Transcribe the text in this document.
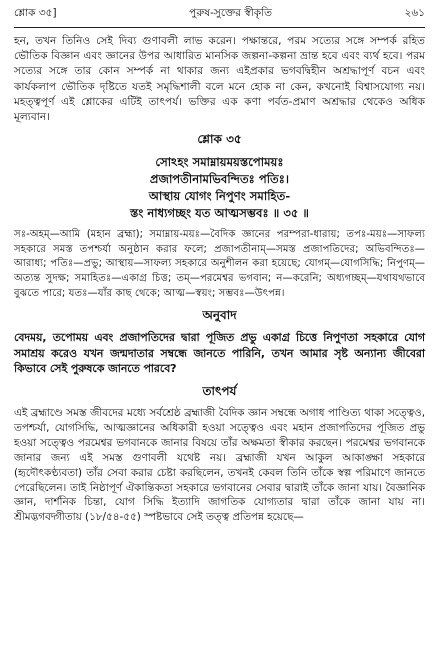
শ্লোক ৩৫]	পুরুষ-সুক্তের স্বীকৃতি	২৬১

হন, তখন তিনিও সেই দিব্য গুণাবলী লাভ করেন। পক্ষান্তরে, পরম সত্যের সঙ্গে সম্পর্ক রহিত ভৌতিক বিজ্ঞান এবং জ্ঞানের উপর আধারিত মানসিক জল্পনা-কল্পনা ভ্রান্ত হবে এবং ব্যর্থ হবে। পরম সত্যের সঙ্গে তার কোন সম্পর্ক না থাকার জন্য এইপ্রকার ভগবদ্বিহীন অশ্রদ্ধাপূর্ণ বচন এবং কার্যকলাপ ভৌতিক দৃষ্টিতে যতই সমৃদ্ধিশালী বলে মনে হোক না কেন, কখনোই বিশ্বাসযোগ্য নয়। মহত্ত্বপূর্ণ এই শ্লোকের এটিই তাৎপর্য। ভক্তির এক কণা পর্বত-প্রমাণ অশ্রদ্ধার থেকেও অধিক মূল্যবান।

শ্লোক ৩৫
সোঽহং সমাম্নায়ময়স্তপোময়ঃ
প্রজাপতীনামভিবন্দিতঃ পতিঃ।
আস্থায় যোগং নিপুণং সমাহিত-
স্তং নাধ্যগচ্ছং যত আত্মসম্ভবঃ ॥ ৩৫ ॥

সঃ-অহম্—আমি (মহান ব্রহ্মা); সমাম্নায়-ময়ঃ—বৈদিক জ্ঞানের পরম্পরা-ধারায়; তপঃ-ময়ঃ—সাফল্য সহকারে সমস্ত তপশ্চর্যা অনুষ্ঠান করার ফলে; প্রজাপতীনাম্—সমস্ত প্রজাপতিদের; অভিবন্দিতঃ—আরাধ্য; পতিঃ—প্রভু; আস্থায়—সাফল্য সহকারে অনুশীলন করা হয়েছে; যোগম্—যোগসিদ্ধি; নিপুণম্—অত্যন্ত সুদক্ষ; সমাহিতঃ—একাগ্র চিত্ত; তম্—পরমেশ্বর ভগবান; ন—করেনি; অধ্যগচ্ছম্—যথাযথভাবে বুঝতে পারে; যতঃ—যাঁর কাছ থেকে; আত্ম—স্বয়ং; সম্ভবঃ—উৎপন্ন।

অনুবাদ

বেদময়, তপোময় এবং প্রজাপতিদের দ্বারা পূজিত প্রভু একাগ্র চিত্তে নিপুণতা সহকারে যোগ সমাশ্রয় করেও যখন জন্মদাতার সম্বন্ধে জানতে পারিনি, তখন আমার সৃষ্ট অন্যান্য জীবেরা কিভাবে সেই পুরুষকে জানতে পারবে?

তাৎপর্য

এই ব্রহ্মাণ্ডে সমস্ত জীবদের মধ্যে সর্বশ্রেষ্ঠ ব্রহ্মাজী বৈদিক জ্ঞান সম্বন্ধে অগাধ পাণ্ডিত্য থাকা সত্ত্বেও, তপশ্চর্যা, যোগসিদ্ধি, আত্মজ্ঞানের অধিকারী হওয়া সত্ত্বেও এবং মহান প্রজাপতিদের পূজিত প্রভু হওয়া সত্ত্বেও পরমেশ্বর ভগবানকে জানার বিষয়ে তাঁর অক্ষমতা স্বীকার করছেন। পরমেশ্বর ভগবানকে জানার জন্য এই সমস্ত গুণাবলী যথেষ্ট নয়। ব্রহ্মাজী যখন আকুল আকাঙ্ক্ষা সহকারে (হৃদৌৎকণ্ঠ্যবতা) তাঁর সেবা করার চেষ্টা করছিলেন, তখনই কেবল তিনি তাঁকে স্বল্প পরিমাণে জানতে পেরেছিলেন। তাই নিষ্ঠাপূর্ণ ঐকান্তিকতা সহকারে ভগবানের সেবার দ্বারাই তাঁকে জানা যায়। বৈজ্ঞানিক জ্ঞান, দার্শনিক চিন্তা, যোগ সিদ্ধি ইত্যাদি জাগতিক যোগ্যতার দ্বারা তাঁকে জানা যায় না। শ্রীমদ্ভগবদ্গীতায় (১৮/৫৪-৫৫) স্পষ্টভাবে সেই তত্ত্ব প্রতিপন্ন হয়েছে—
